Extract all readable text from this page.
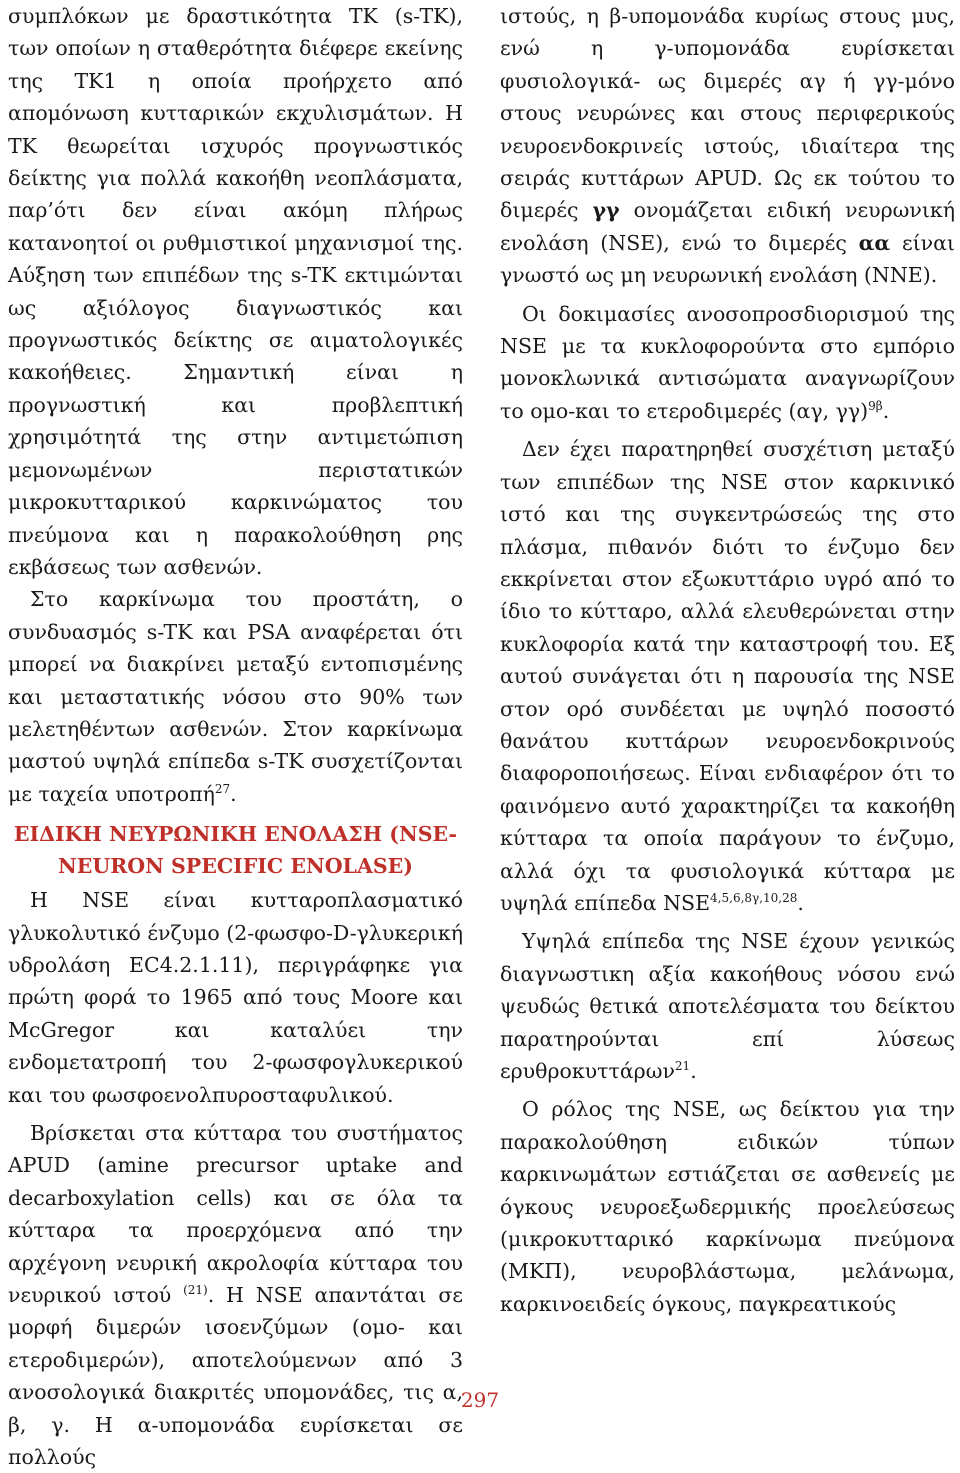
συμπλόκων με δραστικότητα ΤΚ (s-TK), των οποίων η σταθερότητα διέφερε εκείνης της ΤΚ1 η οποία προήρχετο από απομόνωση κυτταρικών εκχυλισμάτων. Η ΤΚ θεωρείται ισχυρός προγνωστικός δείκτης για πολλά κακοήθη νεοπλάσματα, παρ’ότι δεν είναι ακόμη πλήρως κατανοητοί οι ρυθμιστικοί μηχανισμοί της. Αύξηση των επιπέδων της s-TK εκτιμώνται ως αξιόλογος διαγνωστικός και προγνωστικός δείκτης σε αιματολογικές κακοήθειες. Σημαντική είναι η προγνωστική και προβλεπτική χρησιμότητά της στην αντιμετώπιση μεμονωμένων περιστατικών μικροκυτταρικού καρκινώματος του πνεύμονα και η παρακολούθηση ρης εκβάσεως των ασθενών.

Στο καρκίνωμα του προστάτη, ο συνδυασμός s-TK και PSA αναφέρεται ότι μπορεί να διακρίνει μεταξύ εντοπισμένης και μεταστατικής νόσου στο 90% των μελετηθέντων ασθενών. Στον καρκίνωμα μαστού υψηλά επίπεδα s-TK συσχετίζονται με ταχεία υποτροπή$^{27}$.

ΕΙΔΙΚΗ ΝΕΥΡΩΝΙΚΗ ΕΝΟΛΑΣΗ (NSE-NEURON SPECIFIC ENOLASE)

Η NSE είναι κυτταροπλασματικό γλυκολυτικό ένζυμο (2-φωσφο-D-γλυκερική υδρολάση EC4.2.1.11), περιγράφηκε για πρώτη φορά το 1965 από τους Moore και McGregor και καταλύει την ενδομετατροπή του 2-φωσφογλυκερικού και του φωσφοενολπυροσταφυλικού.

Βρίσκεται στα κύτταρα του συστήματος APUD (amine precursor uptake and decarboxylation cells) και σε όλα τα κύτταρα τα προερχόμενα από την αρχέγονη νευρική ακρολοφία κύτταρα του νευρικού ιστού $^{(21)}$. Η NSE απαντάται σε μορφή διμερών ισοενζύμων (ομο- και ετεροδιμερών), αποτελούμενων από 3 ανοσολογικά διακριτές υπομονάδες, τις α, β, γ. Η α-υπομονάδα ευρίσκεται σε πολλούς

ιστούς, η β-υπομονάδα κυρίως στους μυς, ενώ η γ-υπομονάδα ευρίσκεται φυσιολογικά- ως διμερές αγ ή γγ-μόνο στους νευρώνες και στους περιφερικούς νευροενδοκρινείς ιστούς, ιδιαίτερα της σειράς κυττάρων APUD. Ως εκ τούτου το διμερές γγ ονομάζεται ειδική νευρωνική ενολάση (NSE), ενώ το διμερές αα είναι γνωστό ως μη νευρωνική ενολάση (NNE).

Οι δοκιμασίες ανοσοπροσδιορισμού της NSE με τα κυκλοφορούντα στο εμπόριο μονοκλωνικά αντισώματα αναγνωρίζουν το ομο-και το ετεροδιμερές (αγ, γγ)$^{9\beta}$.

Δεν έχει παρατηρηθεί συσχέτιση μεταξύ των επιπέδων της NSE στον καρκινικό ιστό και της συγκεντρώσεώς της στο πλάσμα, πιθανόν διότι το ένζυμο δεν εκκρίνεται στον εξωκυττάριο υγρό από το ίδιο το κύτταρο, αλλά ελευθερώνεται στην κυκλοφορία κατά την καταστροφή του. Εξ αυτού συνάγεται ότι η παρουσία της NSE στον ορό συνδέεται με υψηλό ποσοστό θανάτου κυττάρων νευροενδοκρινούς διαφοροποιήσεως. Είναι ενδιαφέρον ότι το φαινόμενο αυτό χαρακτηρίζει τα κακοήθη κύτταρα τα οποία παράγουν το ένζυμο, αλλά όχι τα φυσιολογικά κύτταρα με υψηλά επίπεδα $NSE^{4,5,6,8\gamma,10,28}$.

Υψηλά επίπεδα της NSE έχουν γενικώς διαγνωστικη αξία κακοήθους νόσου ενώ ψευδώς θετικά αποτελέσματα του δείκτου παρατηρούνται επί λύσεως ερυθροκυττάρων$^{21}$.

Ο ρόλος της NSE, ως δείκτου για την παρακολούθηση ειδικών τύπων καρκινωμάτων εστιάζεται σε ασθενείς με όγκους νευροεξωδερμικής προελεύσεως (μικροκυτταρικό καρκίνωμα πνεύμονα (ΜΚΠ), νευροβλάστωμα, μελάνωμα, καρκινοειδείς όγκους, παγκρεατικούς

297
